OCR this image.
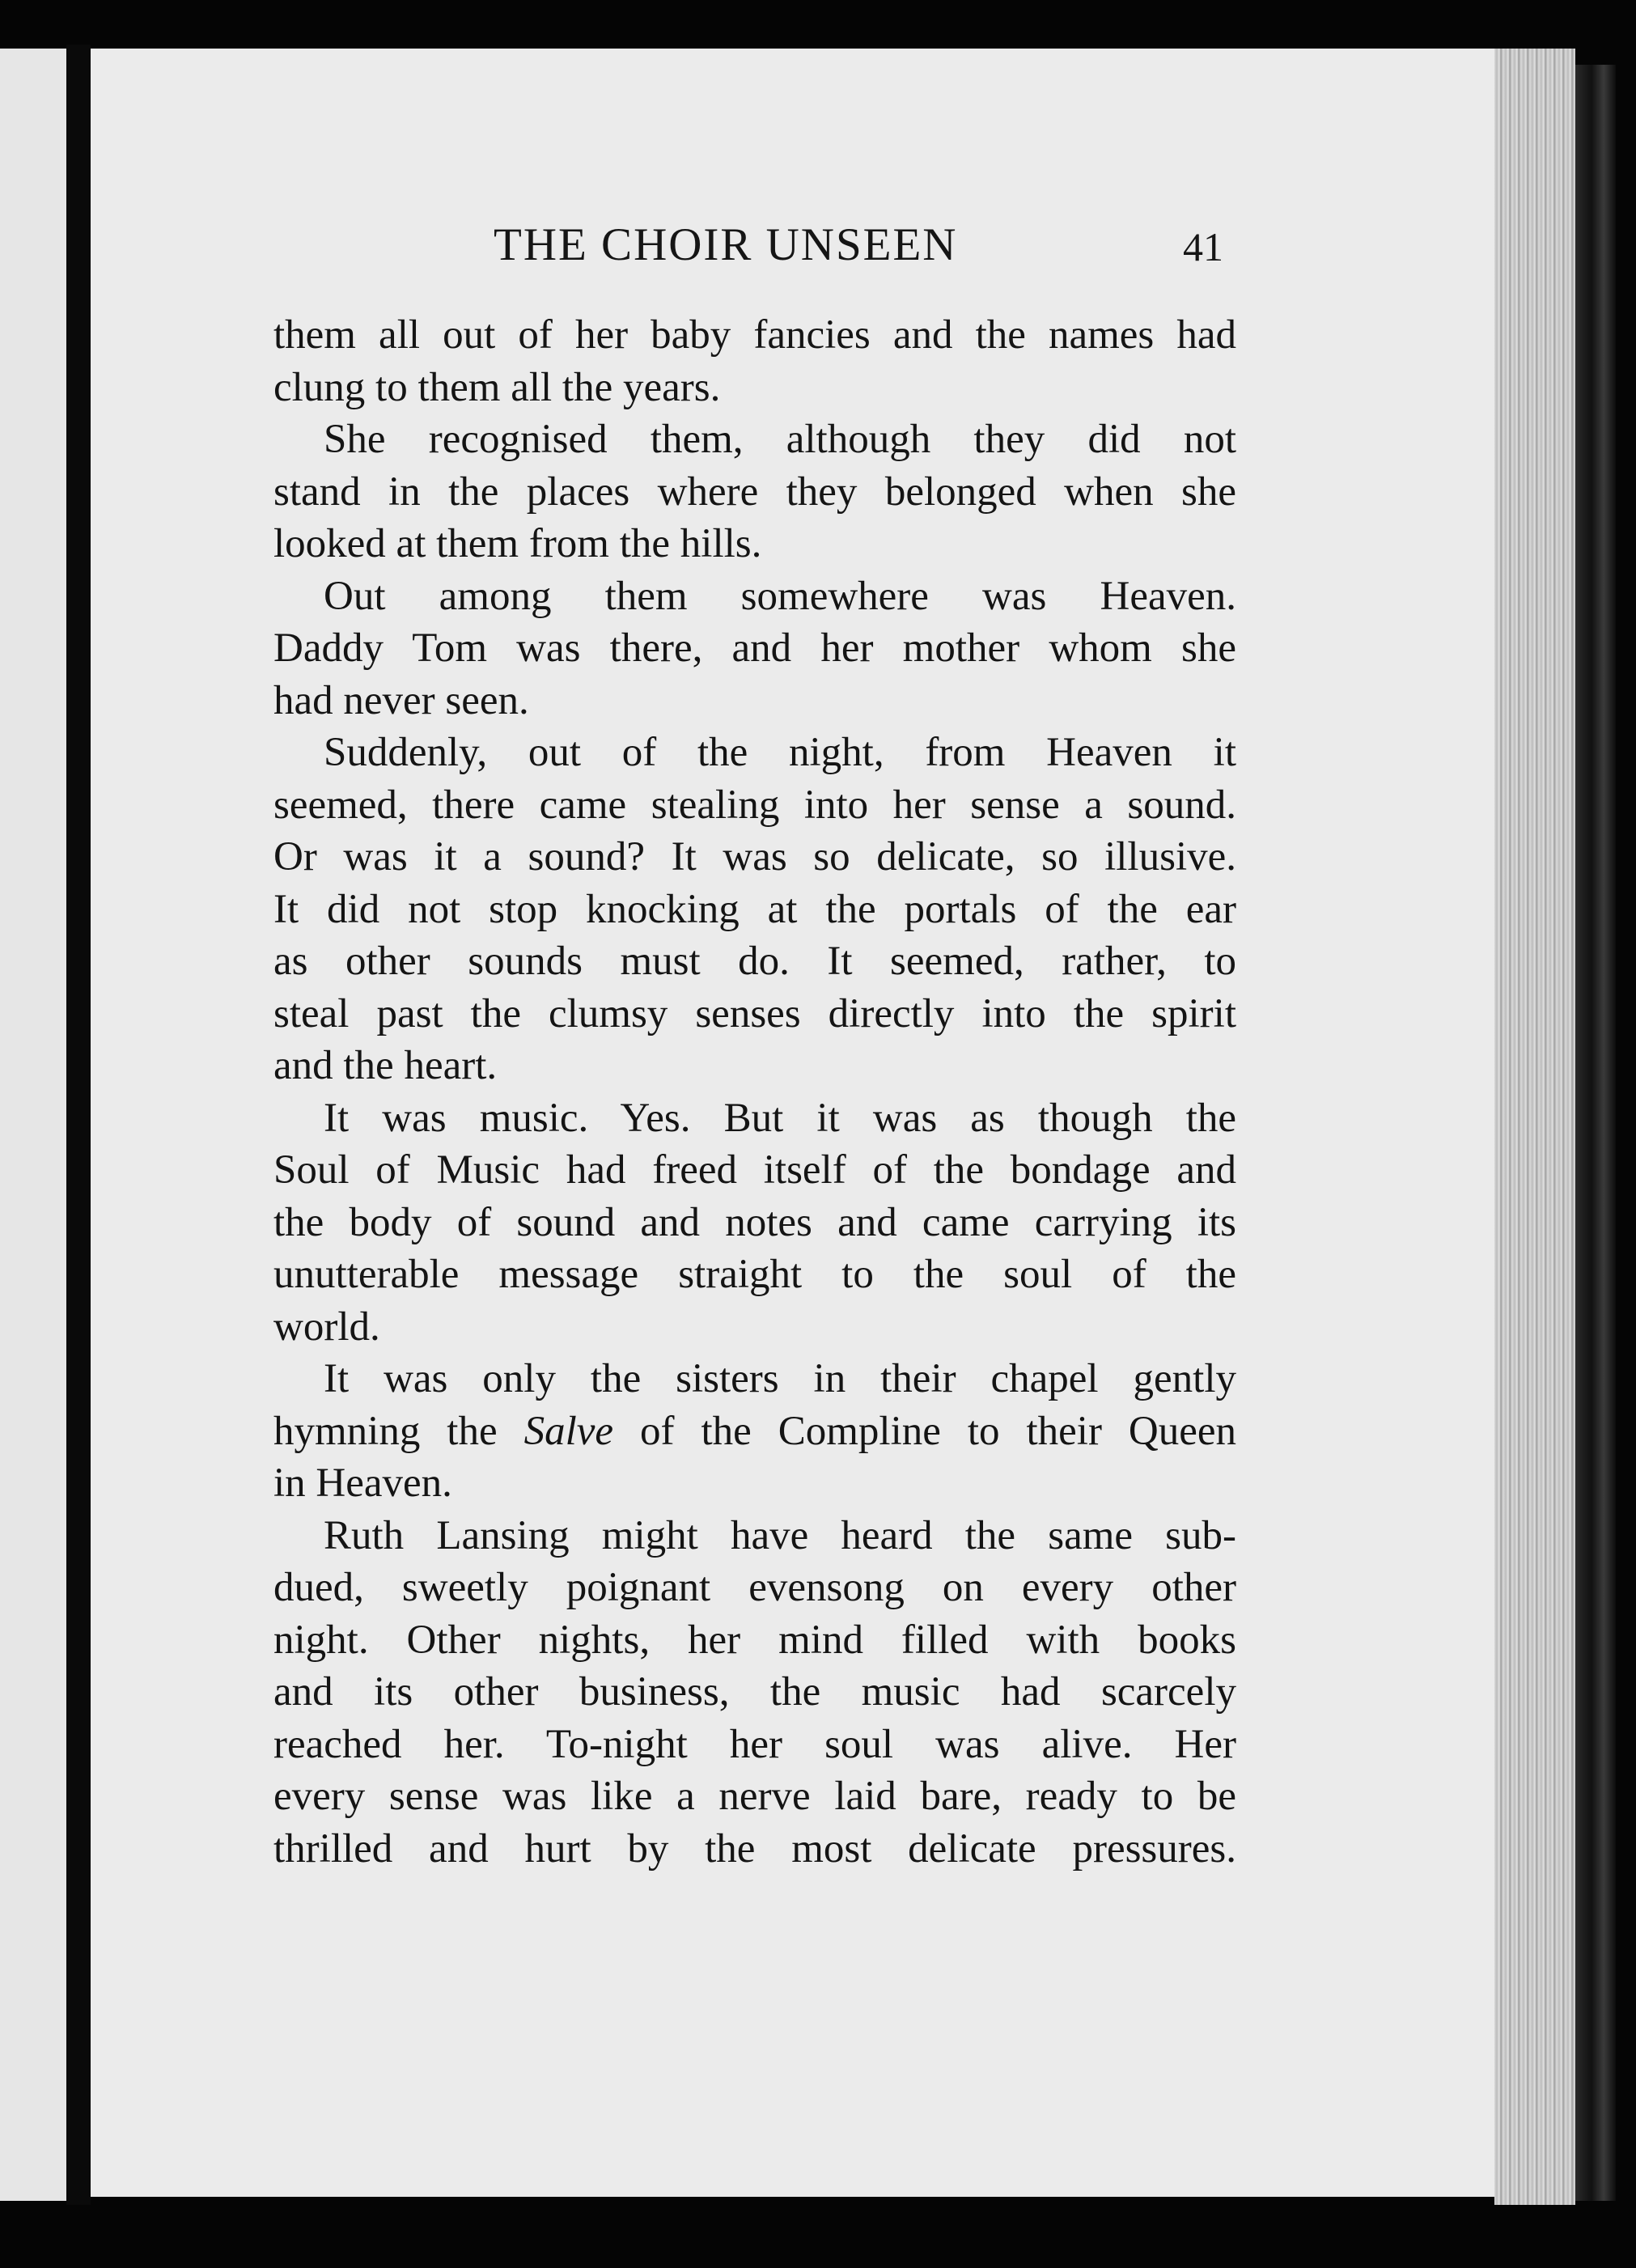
THE CHOIR UNSEEN	41
them all out of her baby fancies and the names had
clung to them all the years.
She recognised them, although they did not
stand in the places where they belonged when she
looked at them from the hills.
Out among them somewhere was Heaven.
Daddy Tom was there, and her mother whom she
had never seen.
Suddenly, out of the night, from Heaven it
seemed, there came stealing into her sense a sound.
Or was it a sound? It was so delicate, so illusive.
It did not stop knocking at the portals of the ear
as other sounds must do. It seemed, rather, to
steal past the clumsy senses directly into the spirit
and the heart.
It was music. Yes. But it was as though the
Soul of Music had freed itself of the bondage and
the body of sound and notes and came carrying its
unutterable message straight to the soul of the
world.
It was only the sisters in their chapel gently
hymning the Salve of the Compline to their Queen
in Heaven.
Ruth Lansing might have heard the same sub-
dued, sweetly poignant evensong on every other
night. Other nights, her mind filled with books
and its other business, the music had scarcely
reached her. To-night her soul was alive. Her
every sense was like a nerve laid bare, ready to be
thrilled and hurt by the most delicate pressures.
